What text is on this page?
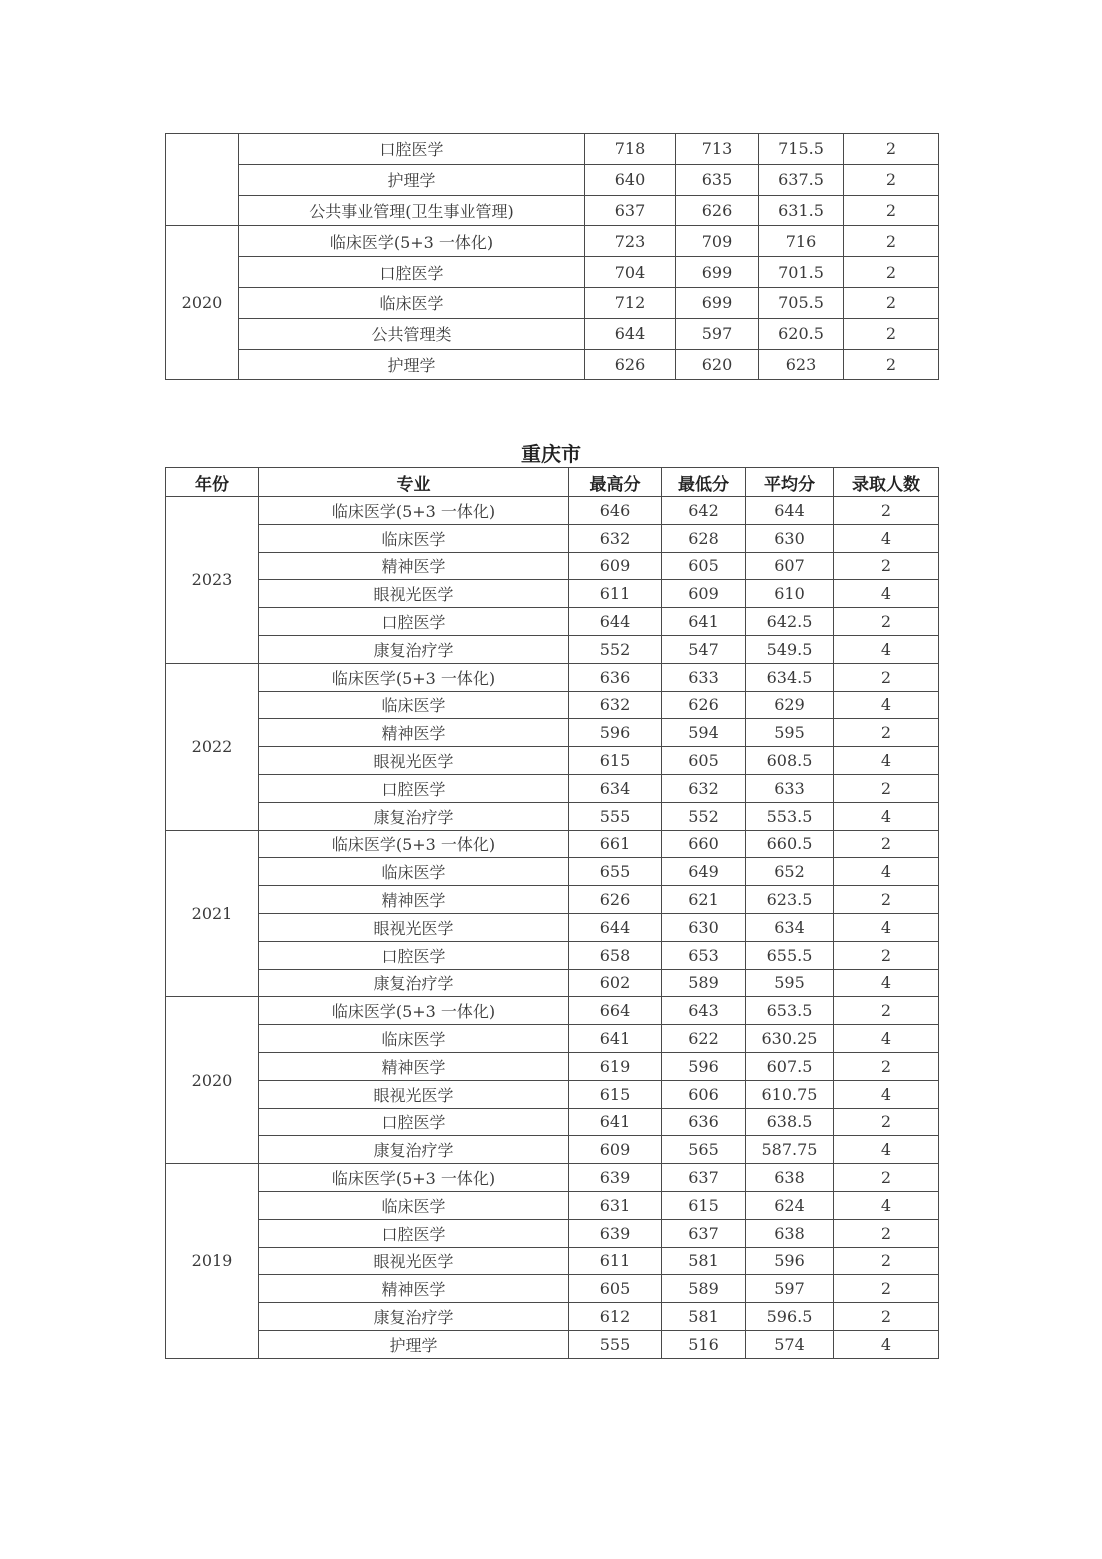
	口腔医学	718	713	715.5	2
	护理学	640	635	637.5	2
	公共事业管理(卫生事业管理)	637	626	631.5	2
2020	临床医学(5+3 一体化)	723	709	716	2
	口腔医学	704	699	701.5	2
	临床医学	712	699	705.5	2
	公共管理类	644	597	620.5	2
	护理学	626	620	623	2
重庆市
年份	专业	最高分	最低分	平均分	录取人数
2023	临床医学(5+3 一体化)	646	642	644	2
	临床医学	632	628	630	4
	精神医学	609	605	607	2
	眼视光医学	611	609	610	4
	口腔医学	644	641	642.5	2
	康复治疗学	552	547	549.5	4
2022	临床医学(5+3 一体化)	636	633	634.5	2
	临床医学	632	626	629	4
	精神医学	596	594	595	2
	眼视光医学	615	605	608.5	4
	口腔医学	634	632	633	2
	康复治疗学	555	552	553.5	4
2021	临床医学(5+3 一体化)	661	660	660.5	2
	临床医学	655	649	652	4
	精神医学	626	621	623.5	2
	眼视光医学	644	630	634	4
	口腔医学	658	653	655.5	2
	康复治疗学	602	589	595	4
2020	临床医学(5+3 一体化)	664	643	653.5	2
	临床医学	641	622	630.25	4
	精神医学	619	596	607.5	2
	眼视光医学	615	606	610.75	4
	口腔医学	641	636	638.5	2
	康复治疗学	609	565	587.75	4
2019	临床医学(5+3 一体化)	639	637	638	2
	临床医学	631	615	624	4
	口腔医学	639	637	638	2
	眼视光医学	611	581	596	2
	精神医学	605	589	597	2
	康复治疗学	612	581	596.5	2
	护理学	555	516	574	4
